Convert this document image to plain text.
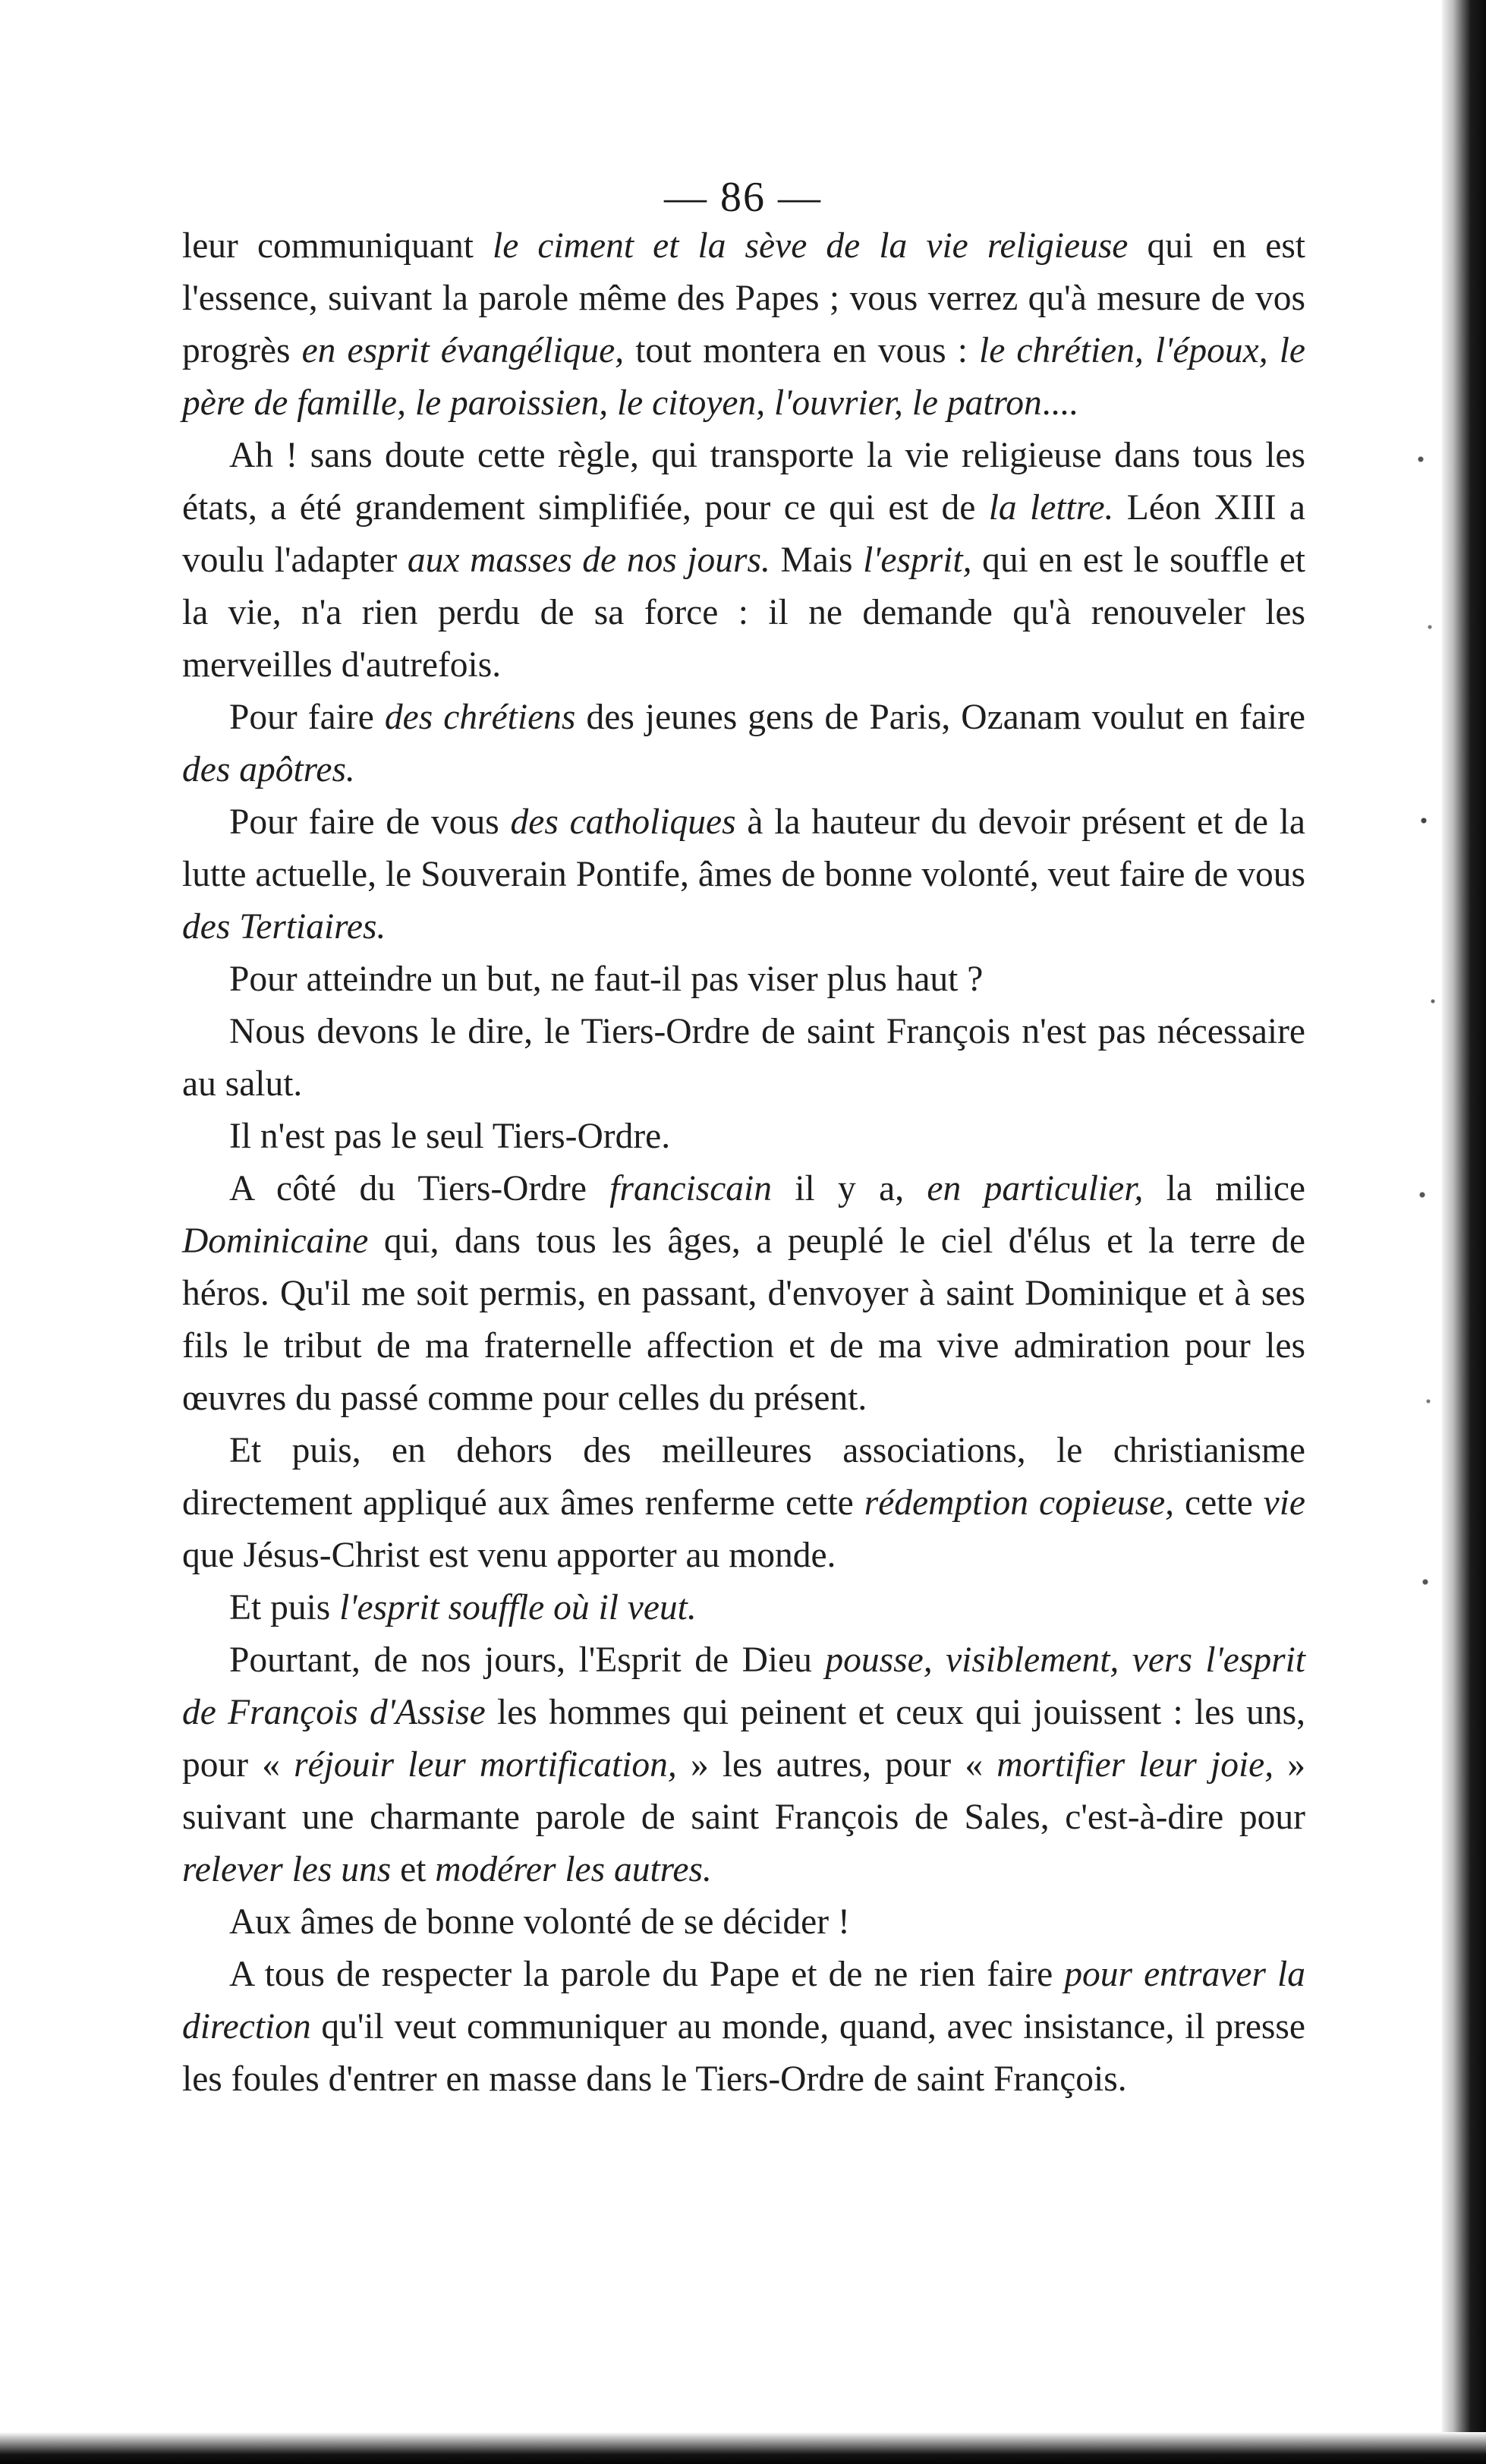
— 86 —

leur communiquant le ciment et la sève de la vie religieuse qui en est l'essence, suivant la parole même des Papes ; vous verrez qu'à mesure de vos progrès en esprit évangélique, tout montera en vous : le chrétien, l'époux, le père de famille, le paroissien, le citoyen, l'ouvrier, le patron....

Ah ! sans doute cette règle, qui transporte la vie religieuse dans tous les états, a été grandement simplifiée, pour ce qui est de la lettre. Léon XIII a voulu l'adapter aux masses de nos jours. Mais l'esprit, qui en est le souffle et la vie, n'a rien perdu de sa force : il ne demande qu'à renouveler les merveilles d'autrefois.

Pour faire des chrétiens des jeunes gens de Paris, Ozanam voulut en faire des apôtres.

Pour faire de vous des catholiques à la hauteur du devoir présent et de la lutte actuelle, le Souverain Pontife, âmes de bonne volonté, veut faire de vous des Tertiaires.

Pour atteindre un but, ne faut-il pas viser plus haut ?

Nous devons le dire, le Tiers-Ordre de saint François n'est pas nécessaire au salut.

Il n'est pas le seul Tiers-Ordre.

A côté du Tiers-Ordre franciscain il y a, en particulier, la milice Dominicaine qui, dans tous les âges, a peuplé le ciel d'élus et la terre de héros. Qu'il me soit permis, en passant, d'envoyer à saint Dominique et à ses fils le tribut de ma fraternelle affection et de ma vive admiration pour les œuvres du passé comme pour celles du présent.

Et puis, en dehors des meilleures associations, le christianisme directement appliqué aux âmes renferme cette rédemption copieuse, cette vie que Jésus-Christ est venu apporter au monde.

Et puis l'esprit souffle où il veut.

Pourtant, de nos jours, l'Esprit de Dieu pousse, visiblement, vers l'esprit de François d'Assise les hommes qui peinent et ceux qui jouissent : les uns, pour « réjouir leur mortification, » les autres, pour « mortifier leur joie, » suivant une charmante parole de saint François de Sales, c'est-à-dire pour relever les uns et modérer les autres.

Aux âmes de bonne volonté de se décider !

A tous de respecter la parole du Pape et de ne rien faire pour entraver la direction qu'il veut communiquer au monde, quand, avec insistance, il presse les foules d'entrer en masse dans le Tiers-Ordre de saint François.
